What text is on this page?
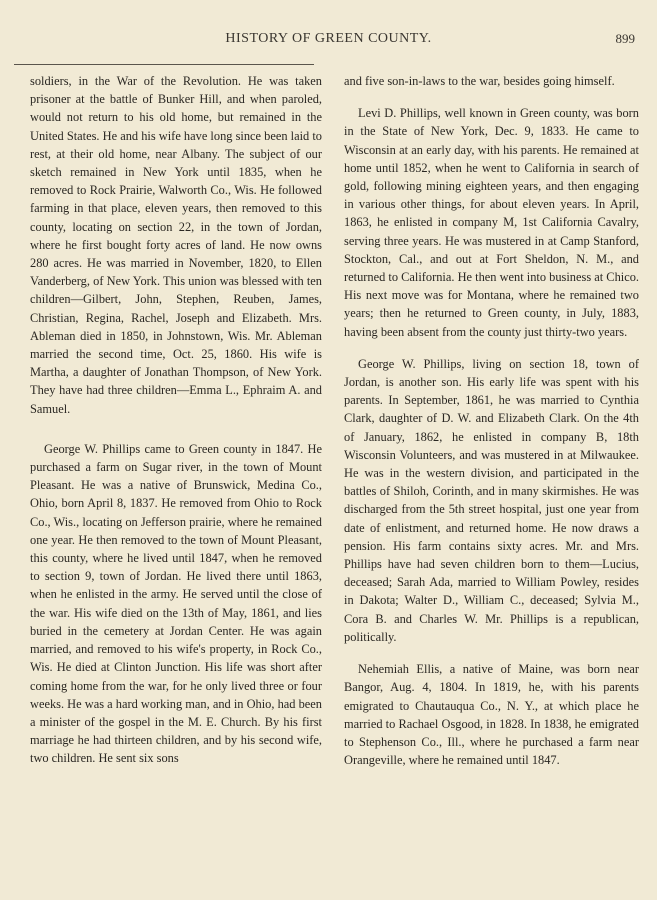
HISTORY OF GREEN COUNTY.	899

soldiers, in the War of the Revolution. He was taken prisoner at the battle of Bunker Hill, and when paroled, would not return to his old home, but remained in the United States. He and his wife have long since been laid to rest, at their old home, near Albany. The subject of our sketch remained in New York until 1835, when he removed to Rock Prairie, Walworth Co., Wis. He followed farming in that place, eleven years, then removed to this county, locating on section 22, in the town of Jordan, where he first bought forty acres of land. He now owns 280 acres. He was married in November, 1820, to Ellen Vanderberg, of New York. This union was blessed with ten children—Gilbert, John, Stephen, Reuben, James, Christian, Regina, Rachel, Joseph and Elizabeth. Mrs. Ableman died in 1850, in Johnstown, Wis. Mr. Ableman married the second time, Oct. 25, 1860. His wife is Martha, a daughter of Jonathan Thompson, of New York. They have had three children—Emma L., Ephraim A. and Samuel.

George W. Phillips came to Green county in 1847. He purchased a farm on Sugar river, in the town of Mount Pleasant. He was a native of Brunswick, Medina Co., Ohio, born April 8, 1837. He removed from Ohio to Rock Co., Wis., locating on Jefferson prairie, where he remained one year. He then removed to the town of Mount Pleasant, this county, where he lived until 1847, when he removed to section 9, town of Jordan. He lived there until 1863, when he enlisted in the army. He served until the close of the war. His wife died on the 13th of May, 1861, and lies buried in the cemetery at Jordan Center. He was again married, and removed to his wife's property, in Rock Co., Wis. He died at Clinton Junction. His life was short after coming home from the war, for he only lived three or four weeks. He was a hard working man, and in Ohio, had been a minister of the gospel in the M. E. Church. By his first marriage he had thirteen children, and by his second wife, two children. He sent six sons

and five son-in-laws to the war, besides going himself.

Levi D. Phillips, well known in Green county, was born in the State of New York, Dec. 9, 1833. He came to Wisconsin at an early day, with his parents. He remained at home until 1852, when he went to California in search of gold, following mining eighteen years, and then engaging in various other things, for about eleven years. In April, 1863, he enlisted in company M, 1st California Cavalry, serving three years. He was mustered in at Camp Stanford, Stockton, Cal., and out at Fort Sheldon, N. M., and returned to California. He then went into business at Chico. His next move was for Montana, where he remained two years; then he returned to Green county, in July, 1883, having been absent from the county just thirty-two years.

George W. Phillips, living on section 18, town of Jordan, is another son. His early life was spent with his parents. In September, 1861, he was married to Cynthia Clark, daughter of D. W. and Elizabeth Clark. On the 4th of January, 1862, he enlisted in company B, 18th Wisconsin Volunteers, and was mustered in at Milwaukee. He was in the western division, and participated in the battles of Shiloh, Corinth, and in many skirmishes. He was discharged from the 5th street hospital, just one year from date of enlistment, and returned home. He now draws a pension. His farm contains sixty acres. Mr. and Mrs. Phillips have had seven children born to them—Lucius, deceased; Sarah Ada, married to William Powley, resides in Dakota; Walter D., William C., deceased; Sylvia M., Cora B. and Charles W. Mr. Phillips is a republican, politically.

Nehemiah Ellis, a native of Maine, was born near Bangor, Aug. 4, 1804. In 1819, he, with his parents emigrated to Chautauqua Co., N. Y., at which place he married to Rachael Osgood, in 1828. In 1838, he emigrated to Stephenson Co., Ill., where he purchased a farm near Orangeville, where he remained until 1847.
